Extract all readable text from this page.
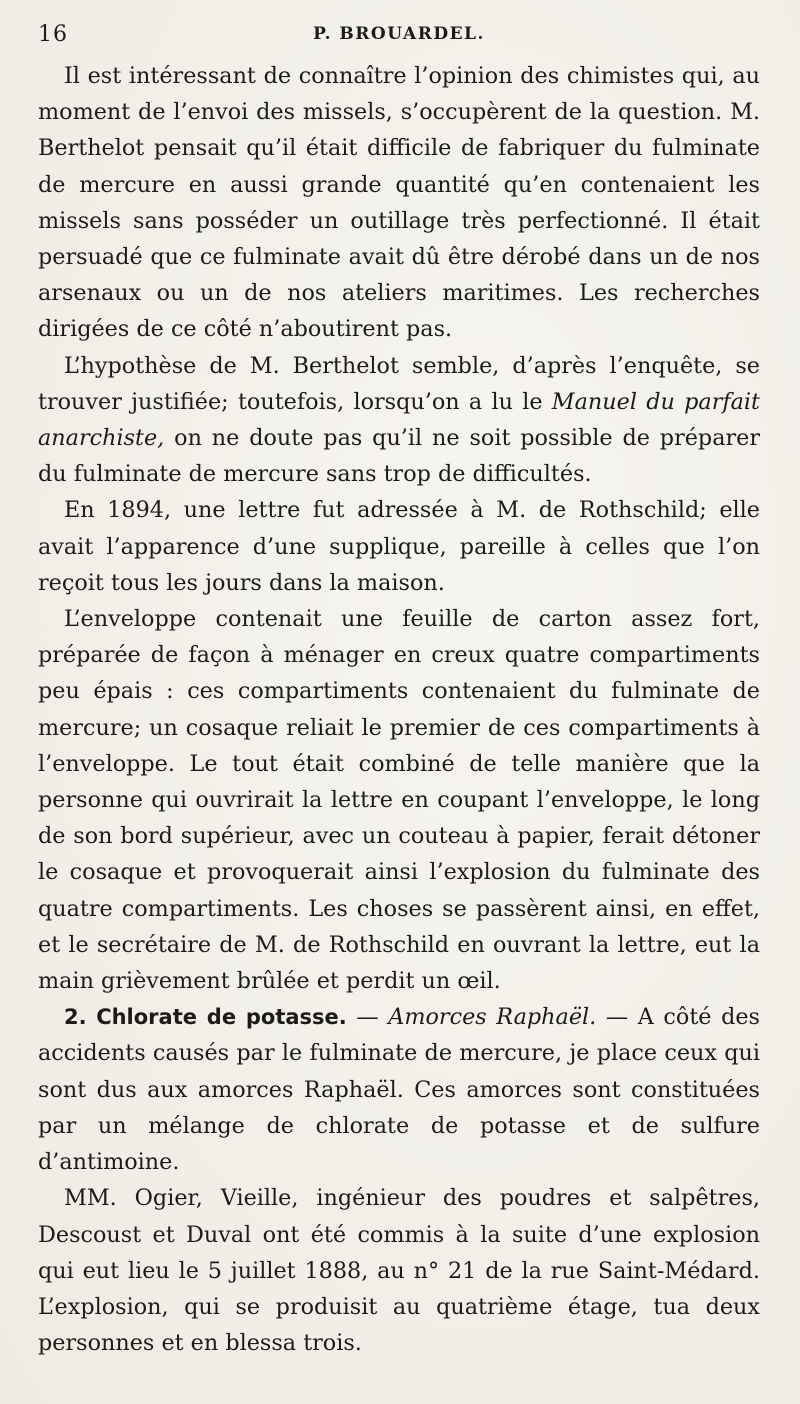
16	P. BROUARDEL.

Il est intéressant de connaître l’opinion des chimistes qui, au moment de l’envoi des missels, s’occupèrent de la question. M. Berthelot pensait qu’il était difficile de fabriquer du fulminate de mercure en aussi grande quantité qu’en contenaient les missels sans posséder un outillage très perfectionné. Il était persuadé que ce fulminate avait dû être dérobé dans un de nos arsenaux ou un de nos ateliers maritimes. Les recherches dirigées de ce côté n’aboutirent pas.

L’hypothèse de M. Berthelot semble, d’après l’enquête, se trouver justifiée; toutefois, lorsqu’on a lu le Manuel du parfait anarchiste, on ne doute pas qu’il ne soit possible de préparer du fulminate de mercure sans trop de difficultés.

En 1894, une lettre fut adressée à M. de Rothschild; elle avait l’apparence d’une supplique, pareille à celles que l’on reçoit tous les jours dans la maison.

L’enveloppe contenait une feuille de carton assez fort, préparée de façon à ménager en creux quatre compartiments peu épais : ces compartiments contenaient du fulminate de mercure; un cosaque reliait le premier de ces compartiments à l’enveloppe. Le tout était combiné de telle manière que la personne qui ouvrirait la lettre en coupant l’enveloppe, le long de son bord supérieur, avec un couteau à papier, ferait détoner le cosaque et provoquerait ainsi l’explosion du fulminate des quatre compartiments. Les choses se passèrent ainsi, en effet, et le secrétaire de M. de Rothschild en ouvrant la lettre, eut la main grièvement brûlée et perdit un œil.

2. Chlorate de potasse. — Amorces Raphaël. — A côté des accidents causés par le fulminate de mercure, je place ceux qui sont dus aux amorces Raphaël. Ces amorces sont constituées par un mélange de chlorate de potasse et de sulfure d’antimoine.

MM. Ogier, Vieille, ingénieur des poudres et salpêtres, Descoust et Duval ont été commis à la suite d’une explosion qui eut lieu le 5 juillet 1888, au n° 21 de la rue Saint-Médard. L’explosion, qui se produisit au quatrième étage, tua deux personnes et en blessa trois.
